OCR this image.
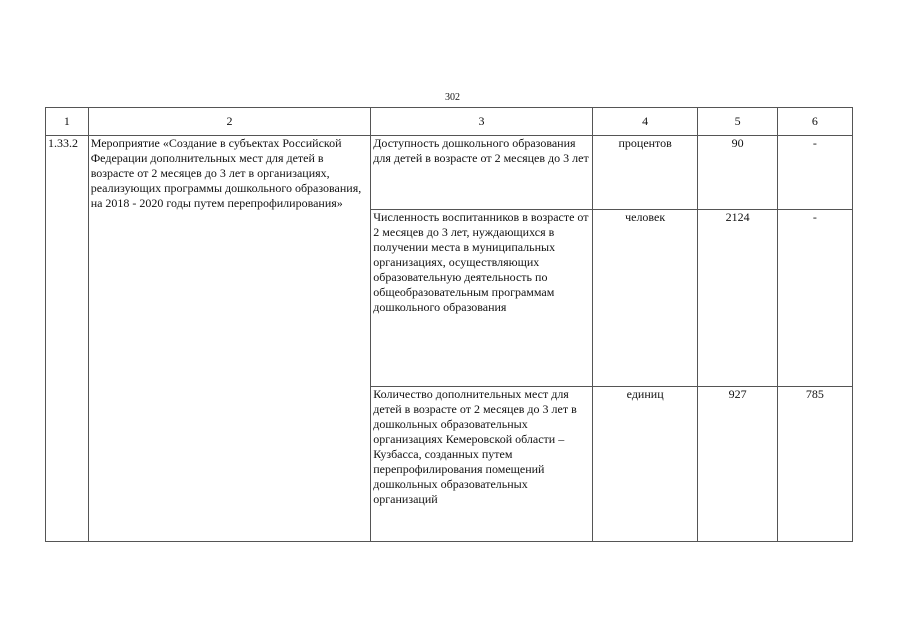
302
1	2	3	4	5	6
1.33.2	Мероприятие «Создание в субъектах Российской Федерации дополнительных мест для детей в возрасте от 2 месяцев до 3 лет в организациях, реализующих программы дошкольного образования, на 2018 - 2020 годы путем перепрофилирования»	Доступность дошкольного образования для детей в возрасте от 2 месяцев до 3 лет	процентов	90	-
		Численность воспитанников в возрасте от 2 месяцев до 3 лет, нуждающихся в получении места в муниципальных организациях, осуществляющих образовательную деятельность по общеобразовательным программам дошкольного образования	человек	2124	-
		Количество дополнительных мест для детей в возрасте от 2 месяцев до 3 лет в дошкольных образовательных организациях Кемеровской области – Кузбасса, созданных путем перепрофилирования помещений дошкольных образовательных организаций	единиц	927	785
